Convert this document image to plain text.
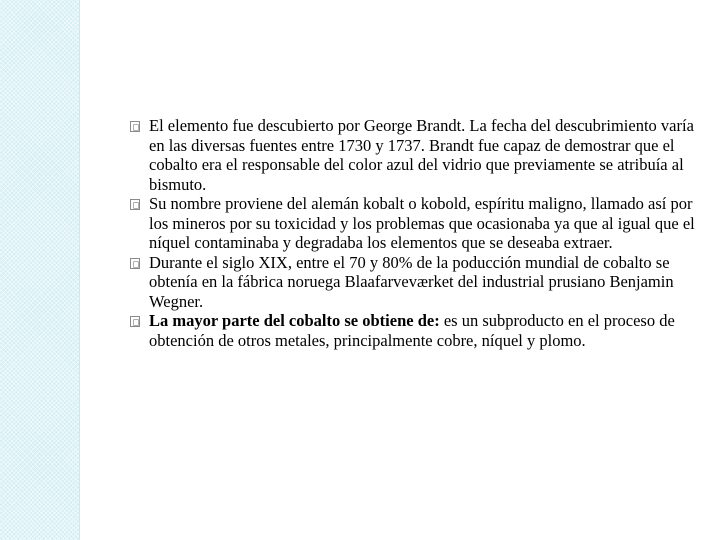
El elemento fue descubierto por George Brandt. La fecha del descubrimiento varía en las diversas fuentes entre 1730 y 1737. Brandt fue capaz de demostrar que el cobalto era el responsable del color azul del vidrio que previamente se atribuía al bismuto.

Su nombre proviene del alemán kobalt o kobold, espíritu maligno, llamado así por los mineros por su toxicidad y los problemas que ocasionaba ya que al igual que el níquel contaminaba y degradaba los elementos que se deseaba extraer.

Durante el siglo XIX, entre el 70 y 80% de la poducción mundial de cobalto se obtenía en la fábrica noruega Blaafarveværket del industrial prusiano Benjamin Wegner.

La mayor parte del cobalto se obtiene de: es un subproducto en el proceso de obtención de otros metales, principalmente cobre, níquel y plomo.
